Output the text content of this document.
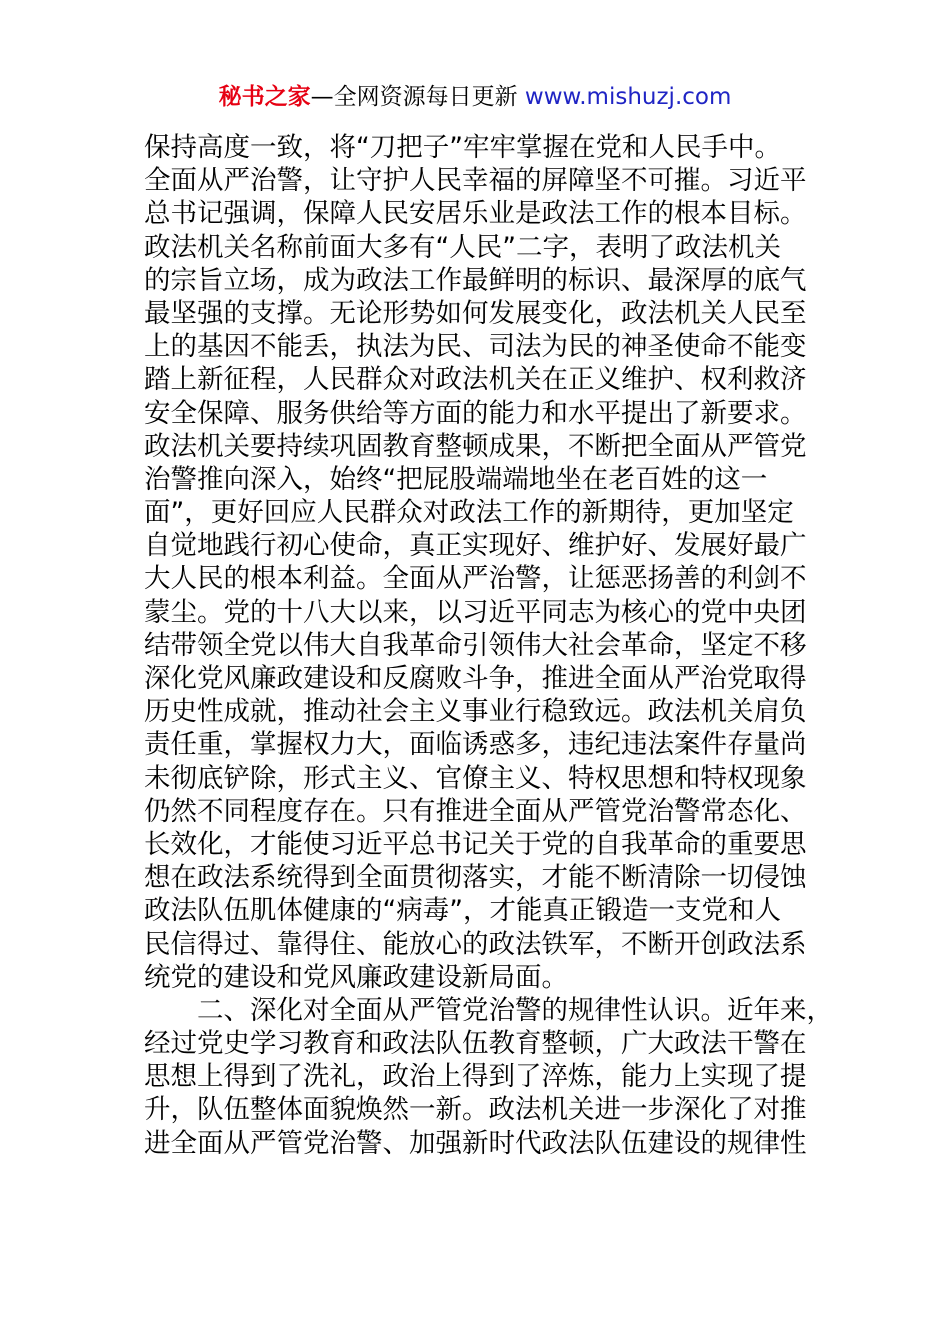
秘书之家—全网资源每日更新 www.mishuzj.com
保持高度一致，将“刀把子”牢牢掌握在党和人民手中。
全面从严治警，让守护人民幸福的屏障坚不可摧。习近平
总书记强调，保障人民安居乐业是政法工作的根本目标。
政法机关名称前面大多有“人民”二字，表明了政法机关
的宗旨立场，成为政法工作最鲜明的标识、最深厚的底气
最坚强的支撑。无论形势如何发展变化，政法机关人民至
上的基因不能丢，执法为民、司法为民的神圣使命不能变
踏上新征程，人民群众对政法机关在正义维护、权利救济
安全保障、服务供给等方面的能力和水平提出了新要求。
政法机关要持续巩固教育整顿成果，不断把全面从严管党
治警推向深入，始终“把屁股端端地坐在老百姓的这一
面”，更好回应人民群众对政法工作的新期待，更加坚定
自觉地践行初心使命，真正实现好、维护好、发展好最广
大人民的根本利益。全面从严治警，让惩恶扬善的利剑不
蒙尘。党的十八大以来，以习近平同志为核心的党中央团
结带领全党以伟大自我革命引领伟大社会革命，坚定不移
深化党风廉政建设和反腐败斗争，推进全面从严治党取得
历史性成就，推动社会主义事业行稳致远。政法机关肩负
责任重，掌握权力大，面临诱惑多，违纪违法案件存量尚
未彻底铲除，形式主义、官僚主义、特权思想和特权现象
仍然不同程度存在。只有推进全面从严管党治警常态化、
长效化，才能使习近平总书记关于党的自我革命的重要思
想在政法系统得到全面贯彻落实，才能不断清除一切侵蚀
政法队伍肌体健康的“病毒”，才能真正锻造一支党和人
民信得过、靠得住、能放心的政法铁军，不断开创政法系
统党的建设和党风廉政建设新局面。
二、深化对全面从严管党治警的规律性认识。近年来，
经过党史学习教育和政法队伍教育整顿，广大政法干警在
思想上得到了洗礼，政治上得到了淬炼，能力上实现了提
升，队伍整体面貌焕然一新。政法机关进一步深化了对推
进全面从严管党治警、加强新时代政法队伍建设的规律性
